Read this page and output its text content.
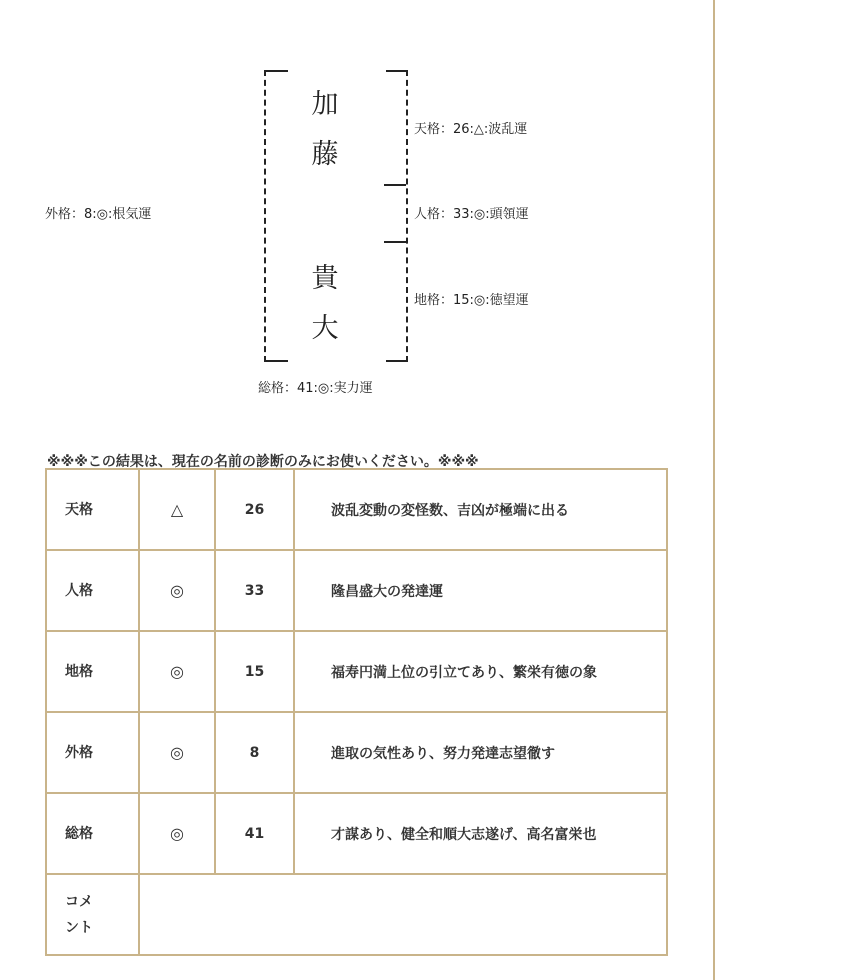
加
藤
貴
大
天格：26:△:波乱運
人格：33:◎:頭領運
地格：15:◎:徳望運
外格：8:◎:根気運
総格：41:◎:実力運
※※※この結果は、現在の名前の診断のみにお使いください。※※※
天格	△	26	波乱変動の変怪数、吉凶が極端に出る

人格	◎	33	隆昌盛大の発達運

地格	◎	15	福寿円満上位の引立てあり、繁栄有徳の象

外格	◎	8	進取の気性あり、努力発達志望徹す

総格	◎	41	才謀あり、健全和順大志遂げ、高名富栄也

コメント			
